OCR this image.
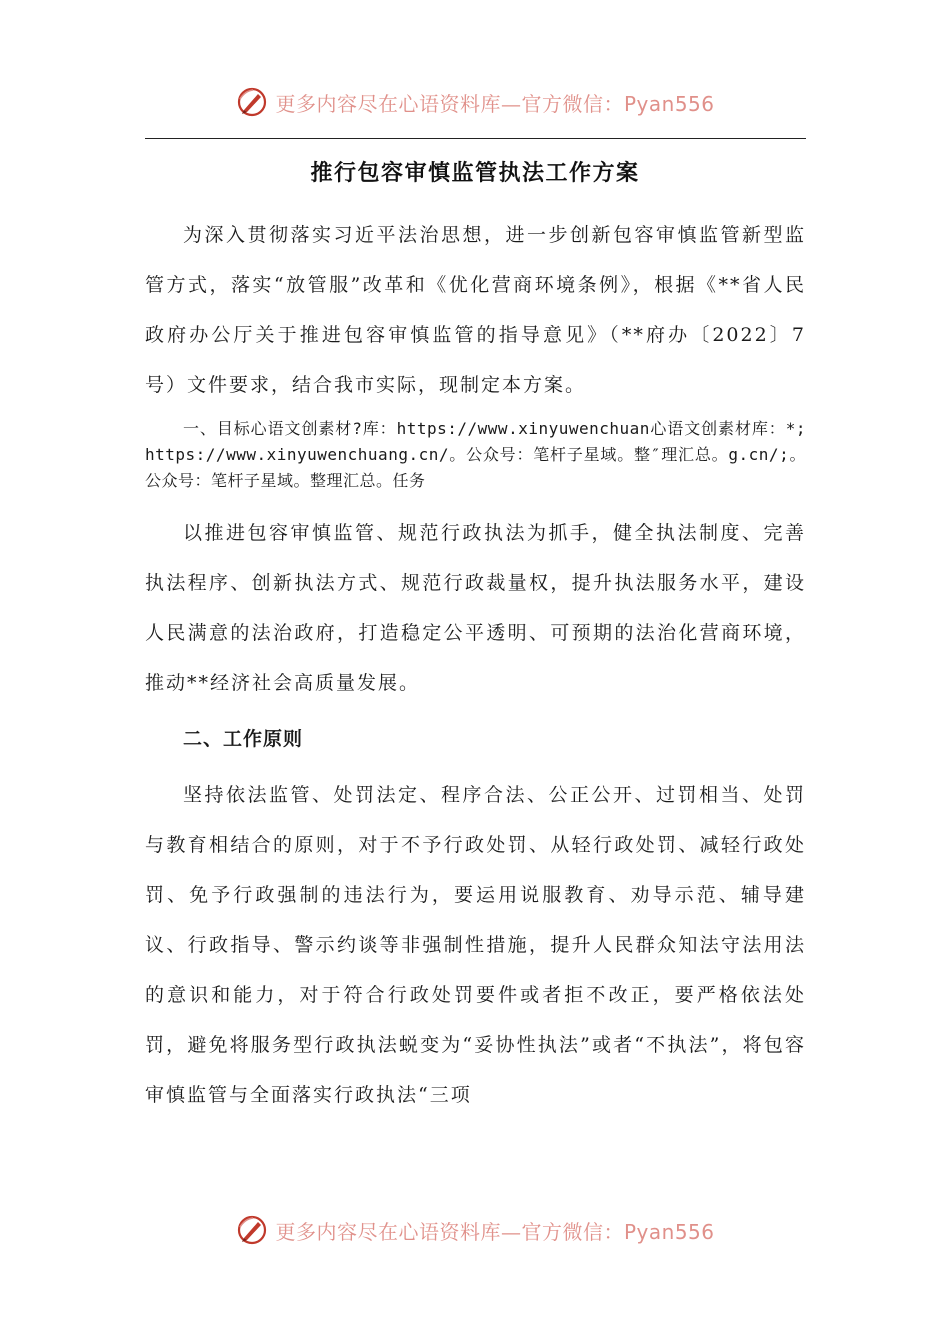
更多内容尽在心语资料库—官方微信：Pyan556
推行包容审慎监管执法工作方案

为深入贯彻落实习近平法治思想，进一步创新包容审慎监管新型监管方式，落实“放管服”改革和《优化营商环境条例》，根据《**省人民政府办公厅关于推进包容审慎监管的指导意见》（**府办〔2022〕7号）文件要求，结合我市实际，现制定本方案。

一、目标心语文创素材?库：https://www.xinyuwenchuan心语文创素材库：*;https://www.xinyuwenchuang.cn/。公众号：笔杆子星域。整″理汇总。g.cn/;。公众号：笔杆子星域。整理汇总。任务

以推进包容审慎监管、规范行政执法为抓手，健全执法制度、完善执法程序、创新执法方式、规范行政裁量权，提升执法服务水平，建设人民满意的法治政府，打造稳定公平透明、可预期的法治化营商环境，推动**经济社会高质量发展。

二、工作原则

坚持依法监管、处罚法定、程序合法、公正公开、过罚相当、处罚与教育相结合的原则，对于不予行政处罚、从轻行政处罚、减轻行政处罚、免予行政强制的违法行为，要运用说服教育、劝导示范、辅导建议、行政指导、警示约谈等非强制性措施，提升人民群众知法守法用法的意识和能力，对于符合行政处罚要件或者拒不改正，要严格依法处罚，避免将服务型行政执法蜕变为“妥协性执法”或者“不执法”，将包容审慎监管与全面落实行政执法“三项

更多内容尽在心语资料库—官方微信：Pyan556
